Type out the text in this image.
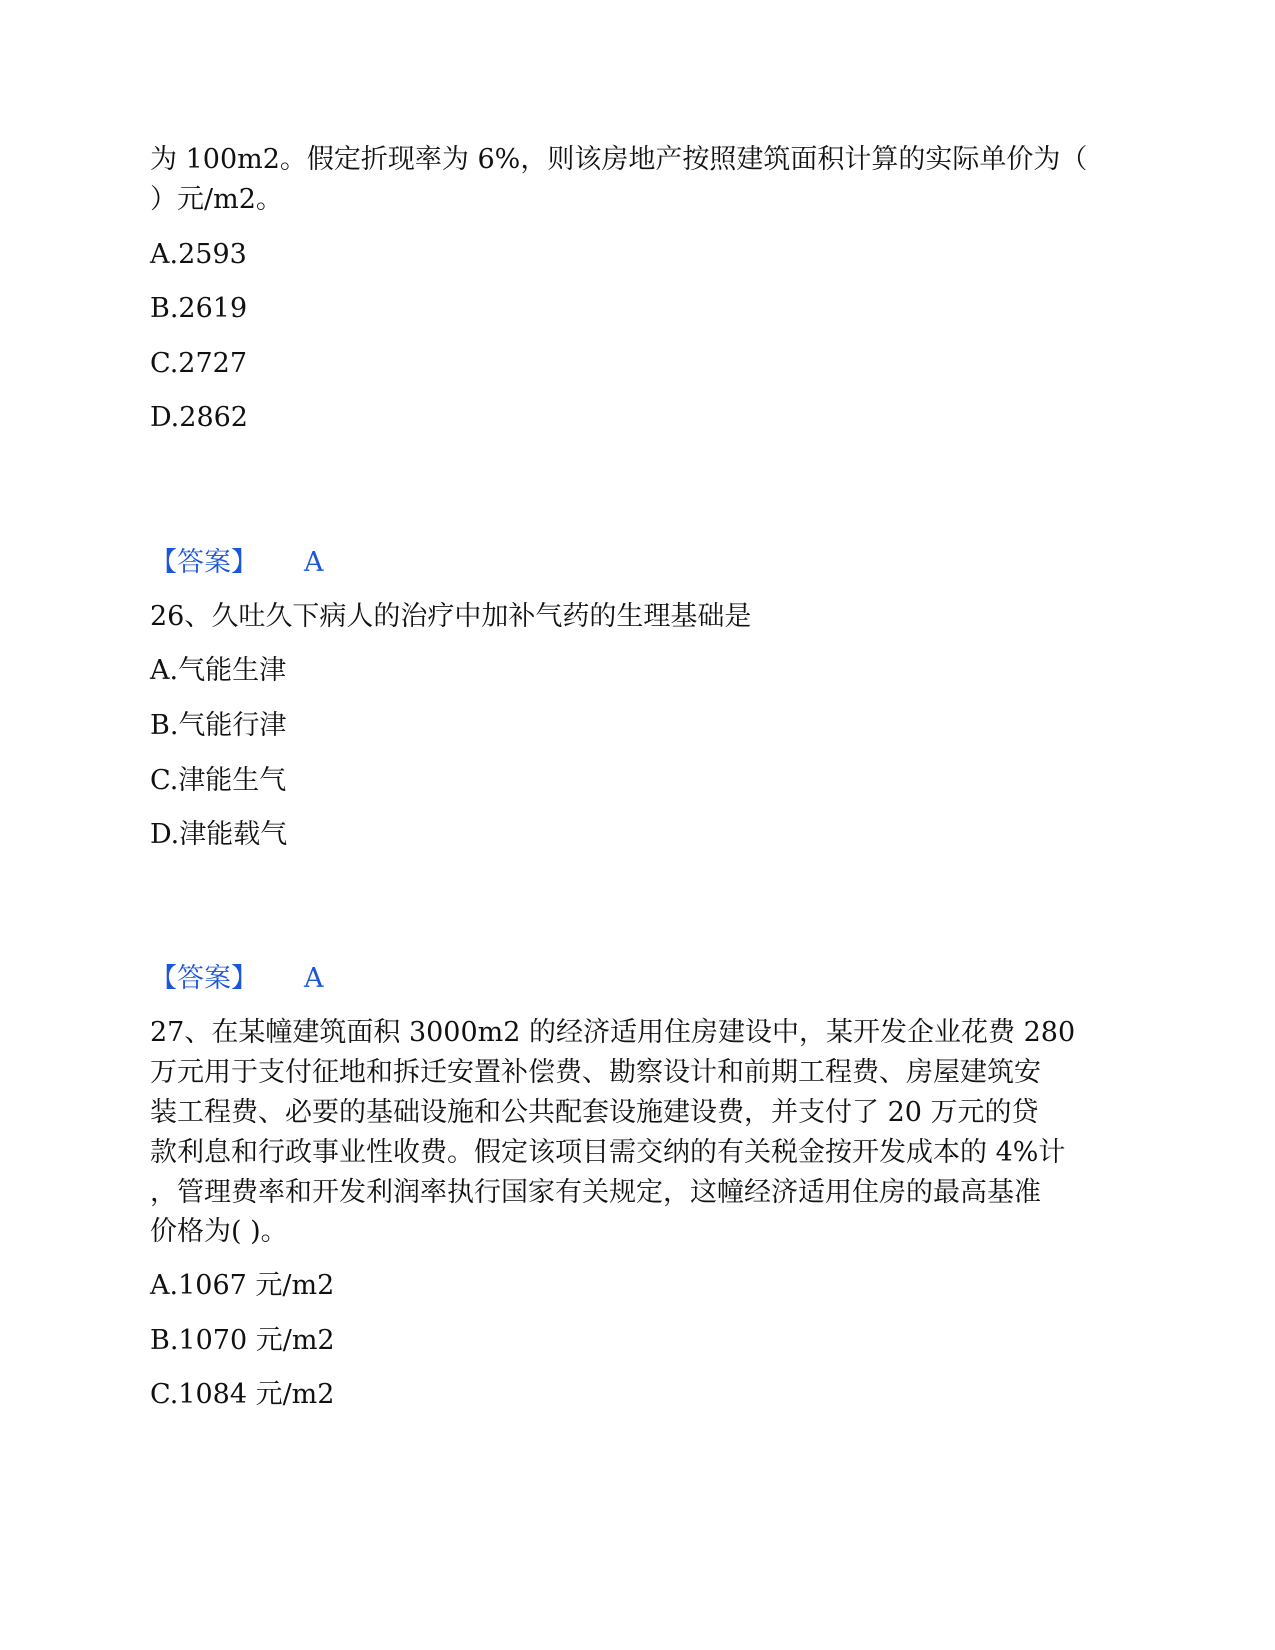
为 100m2。假定折现率为 6%，则该房地产按照建筑面积计算的实际单价为（
）元/m2。
A.2593
B.2619
C.2727
D.2862
【答案】 A
26、久吐久下病人的治疗中加补气药的生理基础是
A.气能生津
B.气能行津
C.津能生气
D.津能载气
【答案】 A
27、在某幢建筑面积 3000m2 的经济适用住房建设中，某开发企业花费 280
万元用于支付征地和拆迁安置补偿费、勘察设计和前期工程费、房屋建筑安
装工程费、必要的基础设施和公共配套设施建设费，并支付了 20 万元的贷
款利息和行政事业性收费。假定该项目需交纳的有关税金按开发成本的 4%计
，管理费率和开发利润率执行国家有关规定，这幢经济适用住房的最高基准
价格为( )。
A.1067 元/m2
B.1070 元/m2
C.1084 元/m2
